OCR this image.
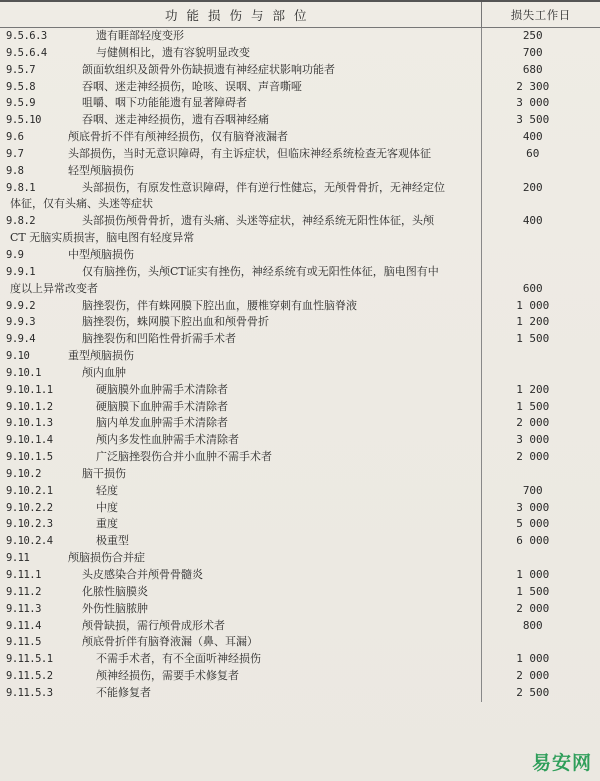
功能损伤与部位	损失工作日
9.5.6.3 遗有睚部轻度变形	250
9.5.6.4 与健侧相比，遗有容貌明显改变	700
9.5.7 颌面软组织及颌骨外伤缺损遗有神经症状影响功能者	680
9.5.8 吞咽、迷走神经损伤，呛咳、误咽、声音嘶哑	2 300
9.5.9 咀嚼、咽下功能能遗有显著障碍者	3 000
9.5.10 吞咽、迷走神经损伤，遗有吞咽神经痛	3 500
9.6 颅底骨折不伴有颅神经损伤，仅有脑脊液漏者	400
9.7 头部损伤，当时无意识障碍，有主诉症状，但临床神经系统检查无客观体征	60
9.8 轻型颅脑损伤	
9.8.1 头部损伤，有原发性意识障碍，伴有逆行性健忘，无颅骨骨折，无神经定位	200
体征，仅有头痛、头迷等症状	
9.8.2 头部损伤颅骨骨折，遗有头痛、头迷等症状，神经系统无阳性体征，头颅	400
CT 无脑实质损害，脑电图有轻度异常	
9.9 中型颅脑损伤	
9.9.1 仅有脑挫伤，头颅CT证实有挫伤，神经系统有或无阳性体征，脑电图有中	
度以上异常改变者	600
9.9.2 脑挫裂伤，伴有蛛网膜下腔出血，腰椎穿刺有血性脑脊液	1 000
9.9.3 脑挫裂伤，蛛网膜下腔出血和颅骨骨折	1 200
9.9.4 脑挫裂伤和凹陷性骨折需手术者	1 500
9.10 重型颅脑损伤	
9.10.1 颅内血肿	
9.10.1.1 硬脑膜外血肿需手术清除者	1 200
9.10.1.2 硬脑膜下血肿需手术清除者	1 500
9.10.1.3 脑内单发血肿需手术清除者	2 000
9.10.1.4 颅内多发性血肿需手术清除者	3 000
9.10.1.5 广泛脑挫裂伤合并小血肿不需手术者	2 000
9.10.2 脑干损伤	
9.10.2.1 轻度	700
9.10.2.2 中度	3 000
9.10.2.3 重度	5 000
9.10.2.4 极重型	6 000
9.11 颅脑损伤合并症	
9.11.1 头皮感染合并颅骨骨髓炎	1 000
9.11.2 化脓性脑膜炎	1 500
9.11.3 外伤性脑脓肿	2 000
9.11.4 颅骨缺损，需行颅骨成形术者	800
9.11.5 颅底骨折伴有脑脊液漏（鼻、耳漏）	
9.11.5.1 不需手术者，有不全面听神经损伤	1 000
9.11.5.2 颅神经损伤，需要手术修复者	2 000
9.11.5.3 不能修复者	2 500
易安网
